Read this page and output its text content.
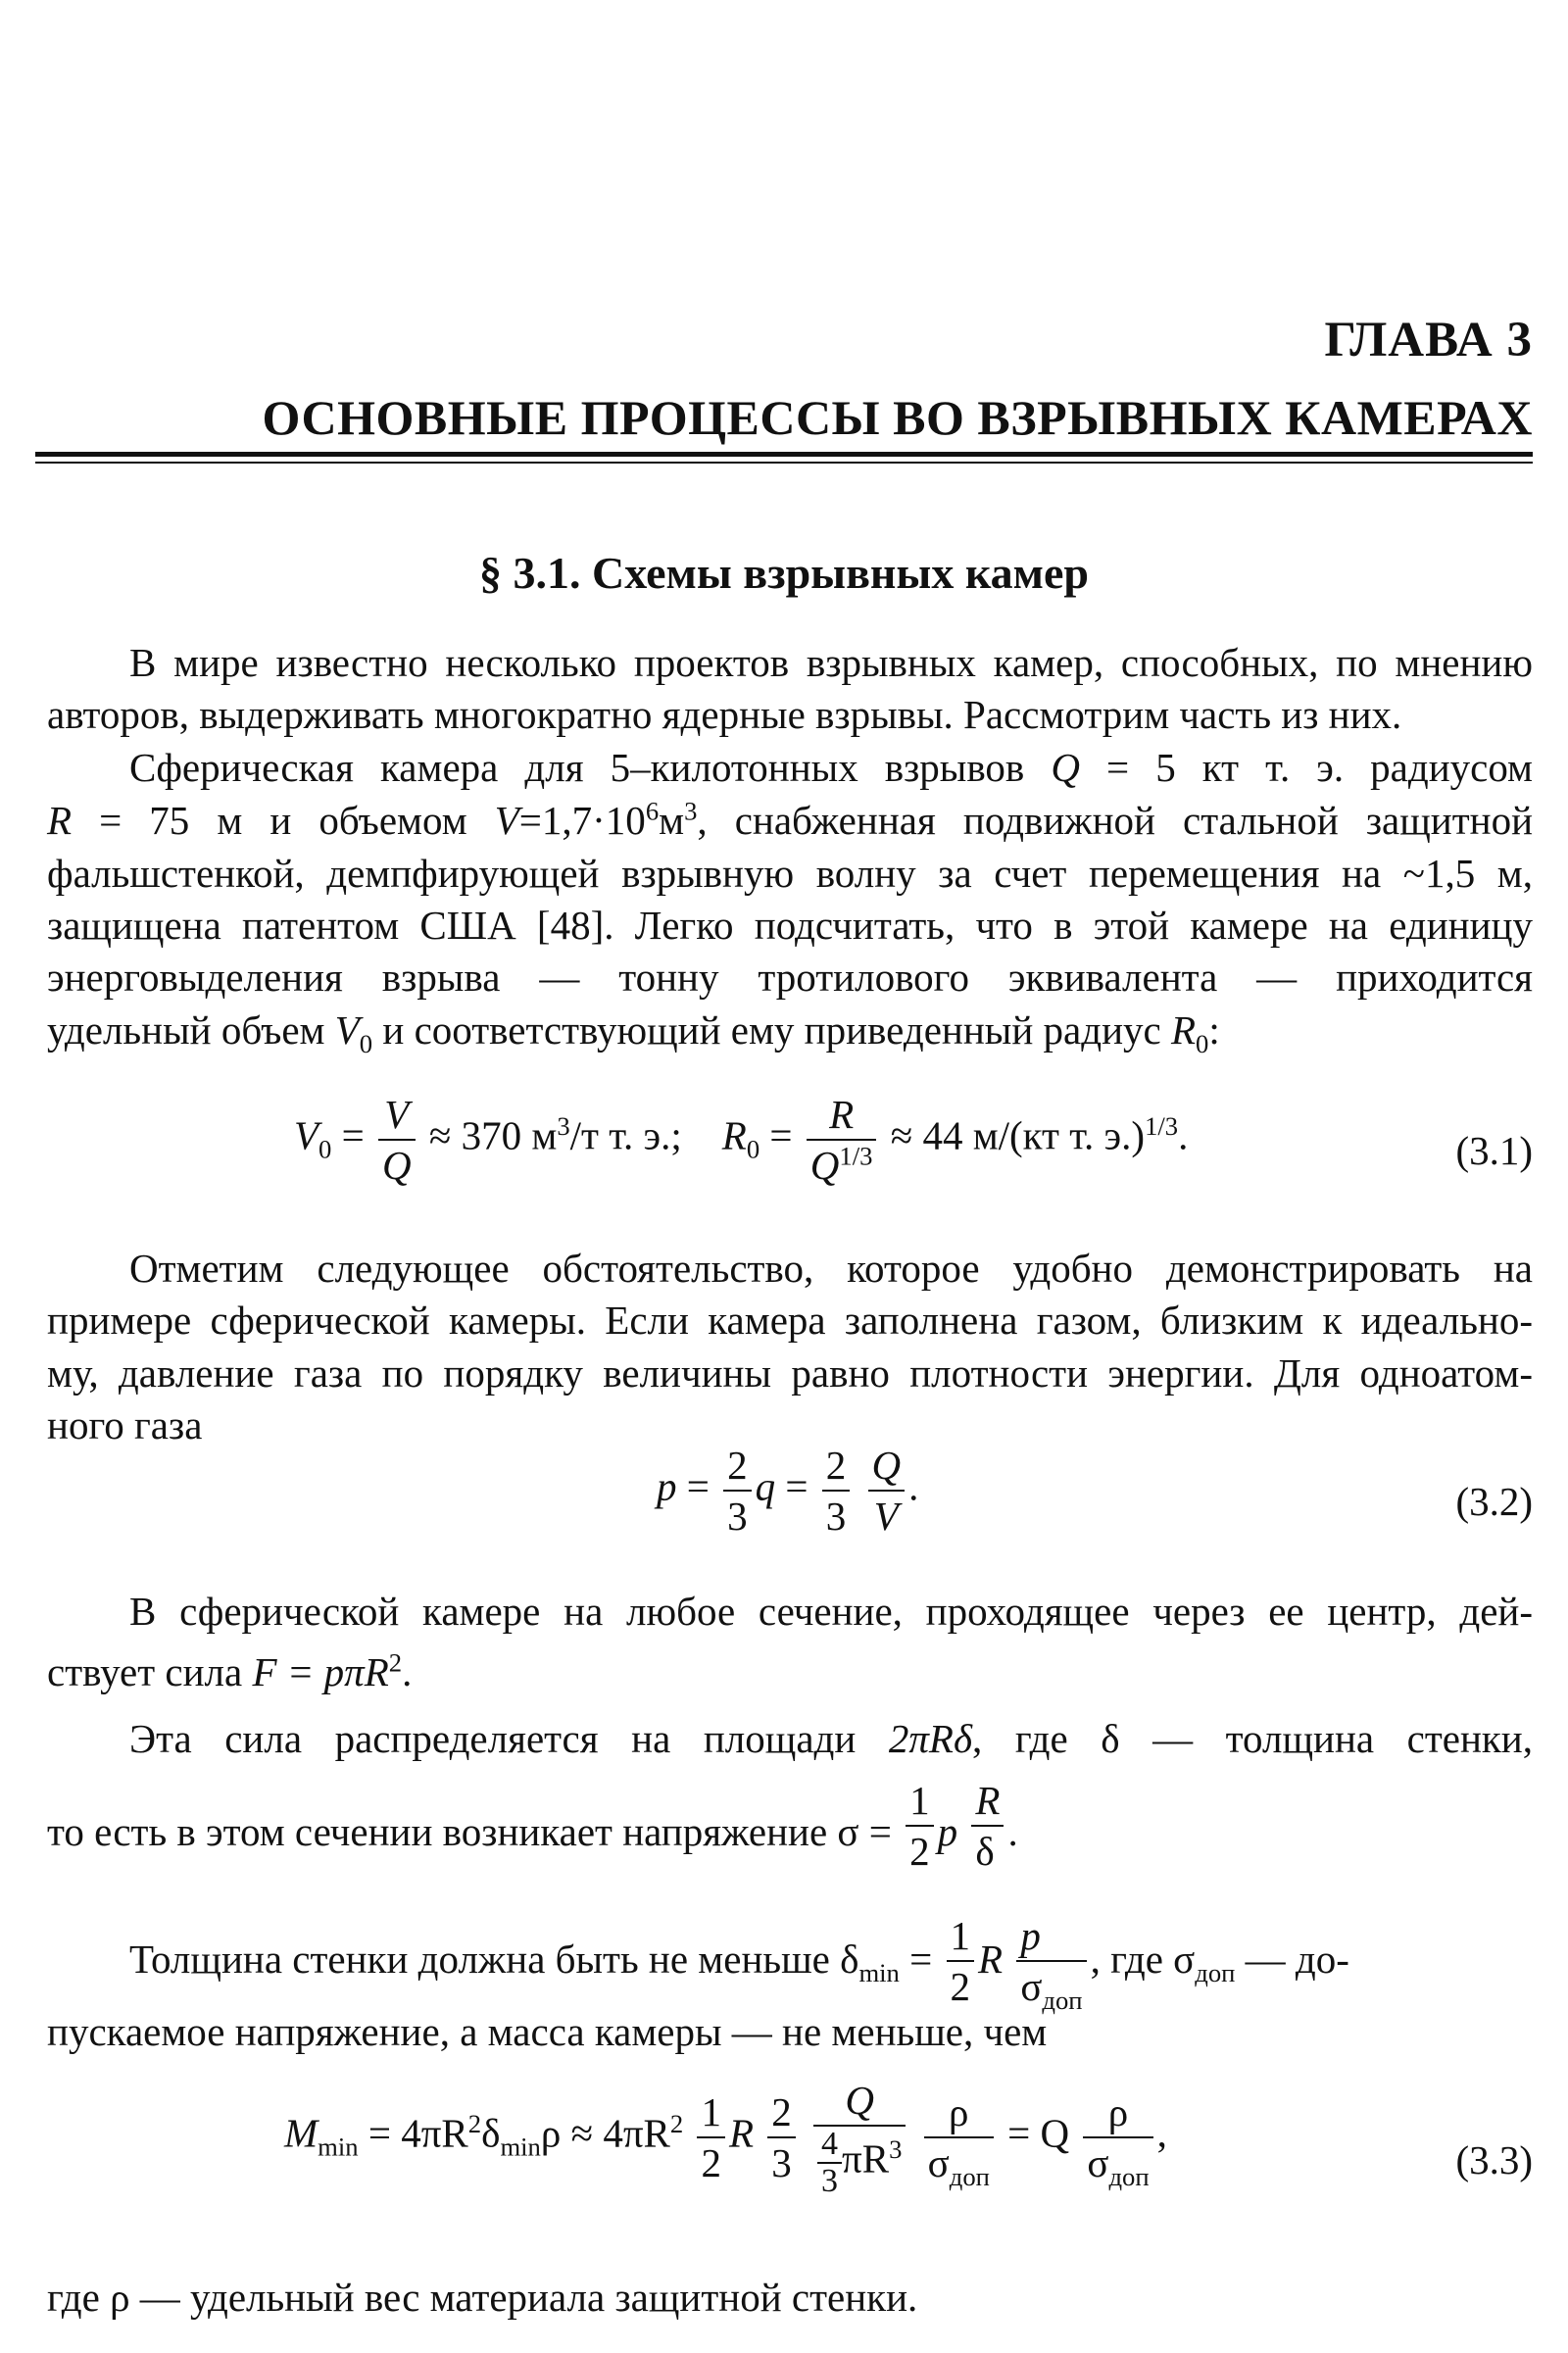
ГЛАВА 3
ОСНОВНЫЕ ПРОЦЕССЫ ВО ВЗРЫВНЫХ КАМЕРАХ
§ 3.1. Схемы взрывных камер
В мире известно несколько проектов взрывных камер, способных, по мнению
авторов, выдерживать многократно ядерные взрывы. Рассмотрим часть из них.
Сферическая камера для 5–килотонных взрывов Q = 5 кт т. э. радиусом
R = 75 м и объемом $V=1,7\cdot 10^6м^3$, снабженная подвижной стальной защитной
фальшстенкой, демпфирующей взрывную волну за счет перемещения на ~1,5 м,
защищена патентом США [48]. Легко подсчитать, что в этой камере на единицу
энерговыделения взрыва — тонну тротилового эквивалента — приходится
удельный объем $V_0$ и соответствующий ему приведенный радиус $R_0$:
$V_0 = \frac{V}{Q} \approx 370$ $м^3/т$ т. э.; $R_0 = \frac{R}{Q^{1/3}} \approx 44$ м/(кт т. э.)$^{1/3}$.	(3.1)
Отметим следующее обстоятельство, которое удобно демонстрировать на
примере сферической камеры. Если камера заполнена газом, близким к идеально-
му, давление газа по порядку величины равно плотности энергии. Для одноатом-
ного газа
$p = \frac{2}{3}$ $q = \frac{2}{3}$
$\frac{Q}{V}$ .	(3.2)
В сферической камере на любое сечение, проходящее через ее центр, дей-
ствует сила F = pπR$^2$.
Эта сила распределяется на площади 2πRδ, где δ — толщина стенки,
то есть в этом сечении возникает напряжение $\sigma = \frac{1}{2}$ p $\frac{R}{\delta}$ .
Толщина стенки должна быть не меньше $\delta_{min} = \frac{1}{2}$ R $\frac{p}{\sigma_{доп}}$ , где $\sigma_{доп}$ — до-
пускаемое напряжение, а масса камеры — не меньше, чем
$M_{min} = 4\pi R^2\delta_{min}\rho \approx 4\pi R^2 \frac{1}{2}$ R $\frac{2}{3}$
$\frac{Q}{\frac{4}{3} \pi R^3}$
$\frac{\rho}{\sigma_{доп}} = Q \frac{\rho}{\sigma_{доп}}$ ,
(3.3)
где ρ — удельный вес материала защитной стенки.
